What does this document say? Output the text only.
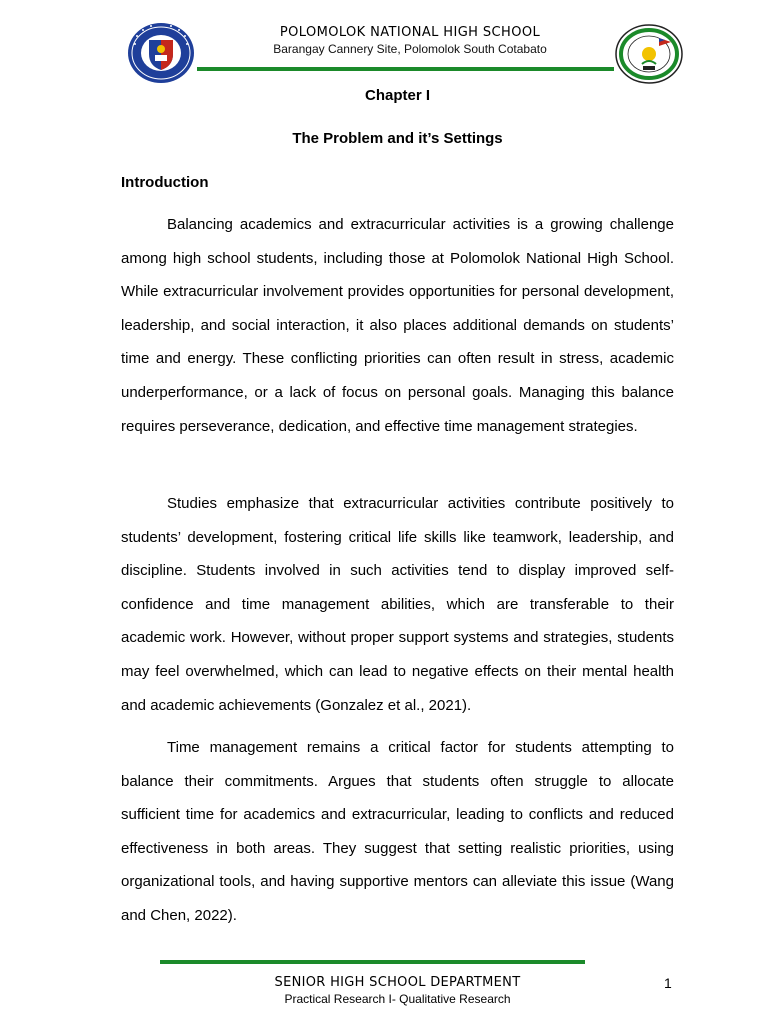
POLOMOLOK NATIONAL HIGH SCHOOL
Barangay Cannery Site, Polomolok South Cotabato
Chapter I
The Problem and it’s Settings
Introduction

Balancing academics and extracurricular activities is a growing challenge among high school students, including those at Polomolok National High School. While extracurricular involvement provides opportunities for personal development, leadership, and social interaction, it also places additional demands on students’ time and energy. These conflicting priorities can often result in stress, academic underperformance, or a lack of focus on personal goals. Managing this balance requires perseverance, dedication, and effective time management strategies.

Studies emphasize that extracurricular activities contribute positively to students’ development, fostering critical life skills like teamwork, leadership, and discipline. Students involved in such activities tend to display improved self-confidence and time management abilities, which are transferable to their academic work. However, without proper support systems and strategies, students may feel overwhelmed, which can lead to negative effects on their mental health and academic achievements (Gonzalez et al., 2021).

Time management remains a critical factor for students attempting to balance their commitments. Argues that students often struggle to allocate sufficient time for academics and extracurricular, leading to conflicts and reduced effectiveness in both areas. They suggest that setting realistic priorities, using organizational tools, and having supportive mentors can alleviate this issue (Wang and Chen, 2022).

SENIOR HIGH SCHOOL DEPARTMENT
Practical Research I- Qualitative Research
1
